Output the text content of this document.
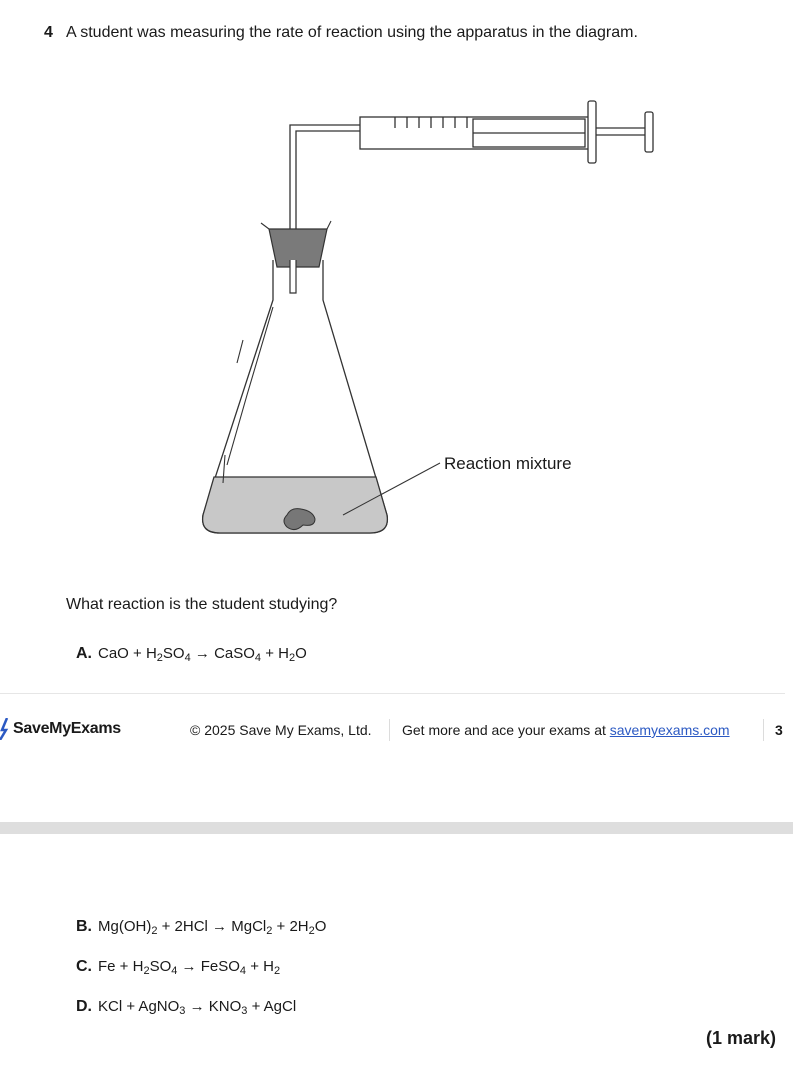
4 A student was measuring the rate of reaction using the apparatus in the diagram.
Reaction mixture
What reaction is the student studying?
A. CaO + $H_2SO_4$ → CaSO$_4$ + $H_2O$
SaveMyExams	© 2025 Save My Exams, Ltd. Get more and ace your exams at savemyexams.com	3
B. $Mg(OH)_2 + 2HCl$ → MgCl$_2$ + $2H_2O$
C. $Fe + H_2SO_4$ → FeSO$_4$ + $H_2$
D. KCl + AgNO$_3$ → $KNO_3$ + AgCl
(1 mark)
